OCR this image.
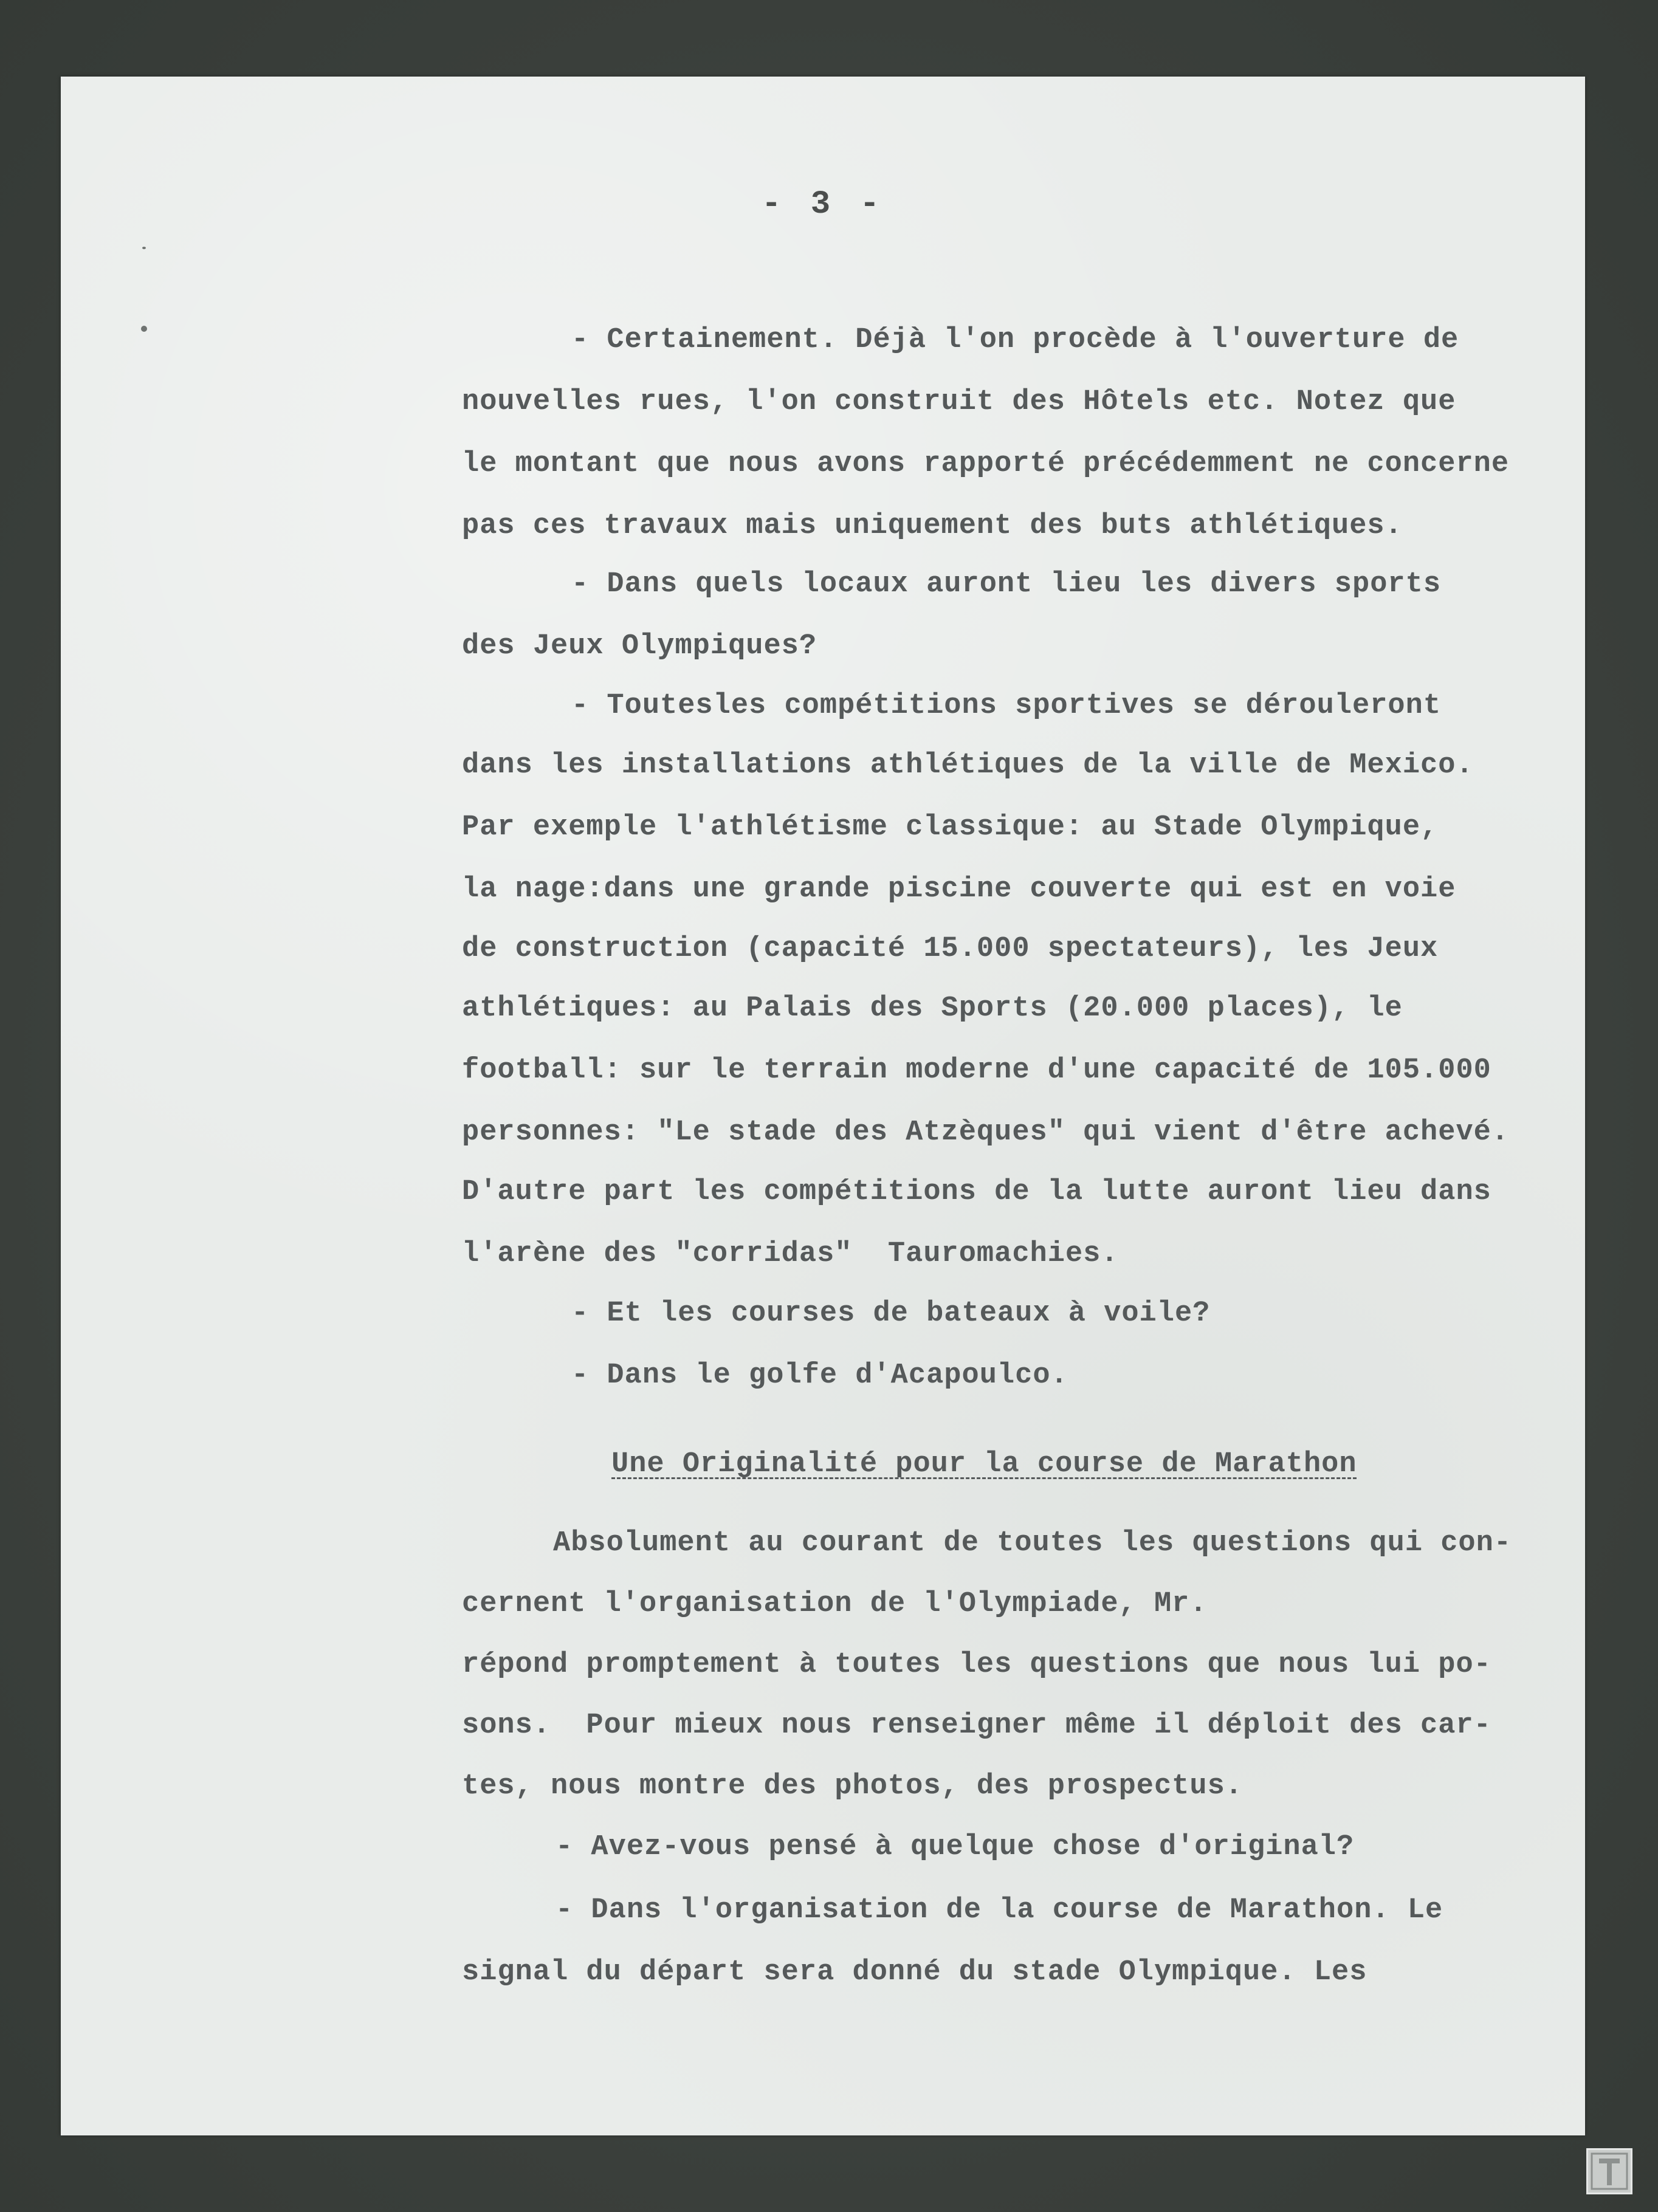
- 3 -
- Certainement. Déjà l'on procède à l'ouverture de
nouvelles rues, l'on construit des Hôtels etc. Notez que
le montant que nous avons rapporté précédemment ne concerne
pas ces travaux mais uniquement des buts athlétiques.
- Dans quels locaux auront lieu les divers sports
des Jeux Olympiques?
- Toutesles compétitions sportives se dérouleront
dans les installations athlétiques de la ville de Mexico.
Par exemple l'athlétisme classique: au Stade Olympique,
la nage:dans une grande piscine couverte qui est en voie
de construction (capacité 15.000 spectateurs), les Jeux
athlétiques: au Palais des Sports (20.000 places), le
football: sur le terrain moderne d'une capacité de 105.000
personnes: "Le stade des Atzèques" qui vient d'être achevé.
D'autre part les compétitions de la lutte auront lieu dans
l'arène des "corridas"  Tauromachies.
- Et les courses de bateaux à voile?
- Dans le golfe d'Acapoulco.
Une Originalité pour la course de Marathon
Absolument au courant de toutes les questions qui con-
cernent l'organisation de l'Olympiade, Mr.
répond promptement à toutes les questions que nous lui po-
sons.  Pour mieux nous renseigner même il déploit des car-
tes, nous montre des photos, des prospectus.
- Avez-vous pensé à quelque chose d'original?
- Dans l'organisation de la course de Marathon. Le
signal du départ sera donné du stade Olympique. Les
